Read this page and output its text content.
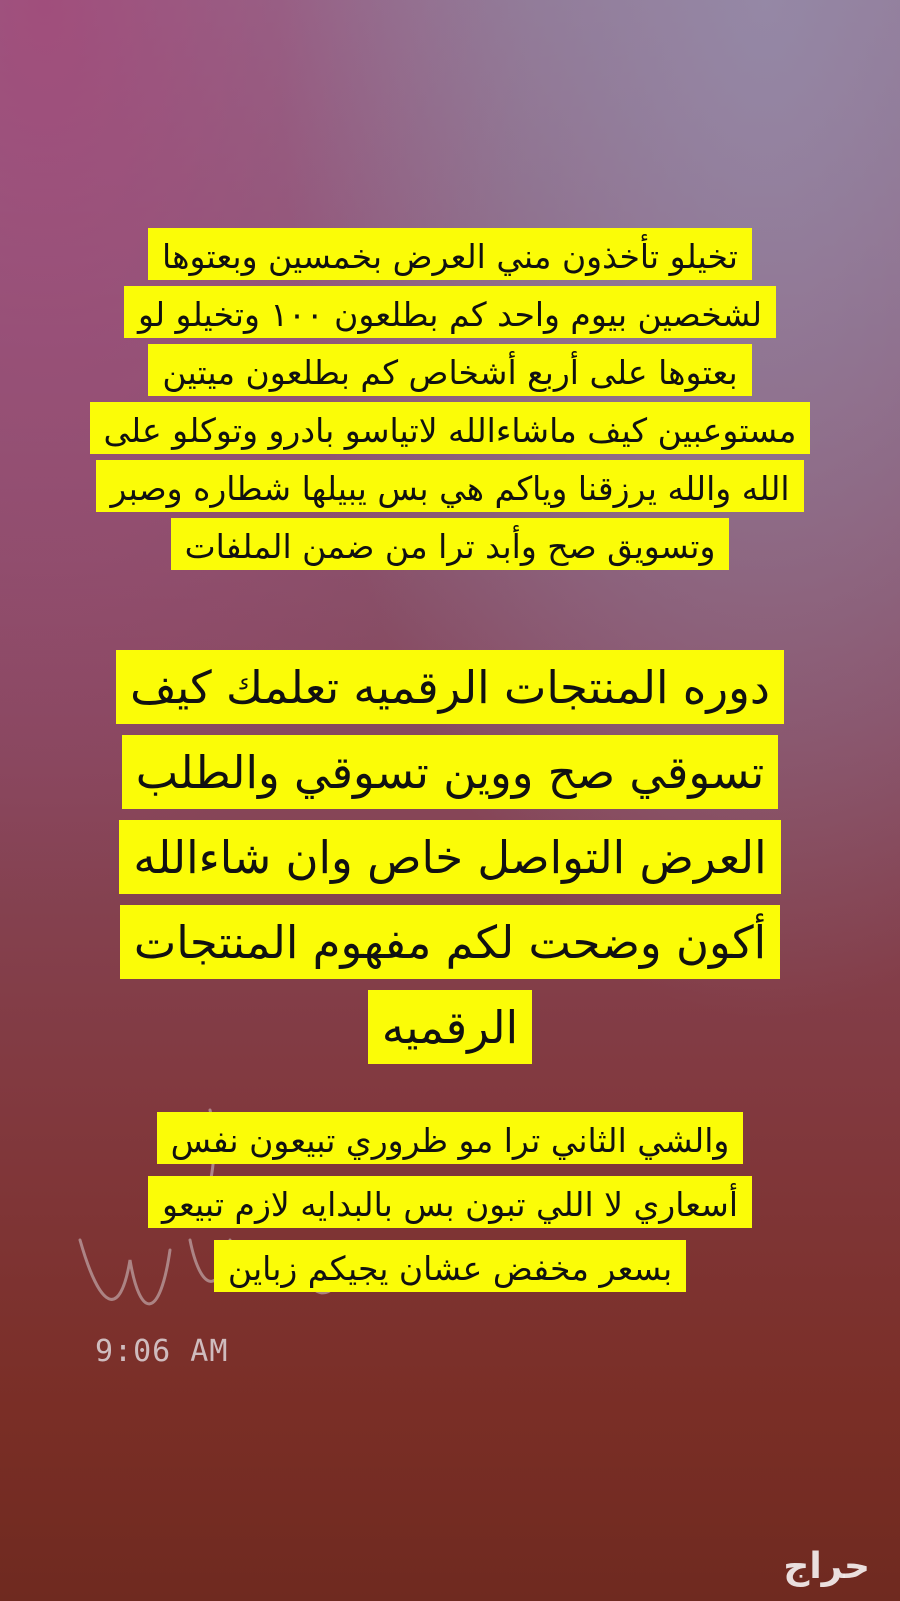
تخيلو تأخذون مني العرض بخمسين وبعتوها
لشخصين بيوم واحد كم بطلعون ١٠٠ وتخيلو لو
بعتوها على أربع أشخاص كم بطلعون ميتين
مستوعبين كيف ماشاءالله لاتياسو بادرو وتوكلو على
الله والله يرزقنا وياكم هي بس يبيلها شطاره وصبر
وتسويق صح وأبد ترا من ضمن الملفات
دوره المنتجات الرقميه تعلمك كيف
تسوقي صح ووين تسوقي والطلب
العرض التواصل خاص وان شاءالله
أكون وضحت لكم مفهوم المنتجات
الرقميه
والشي الثاني ترا مو ظروري تبيعون نفس
أسعاري لا اللي تبون بس بالبدايه لازم تبيعو
بسعر مخفض عشان يجيكم زباين
9:06 AM
حراج
